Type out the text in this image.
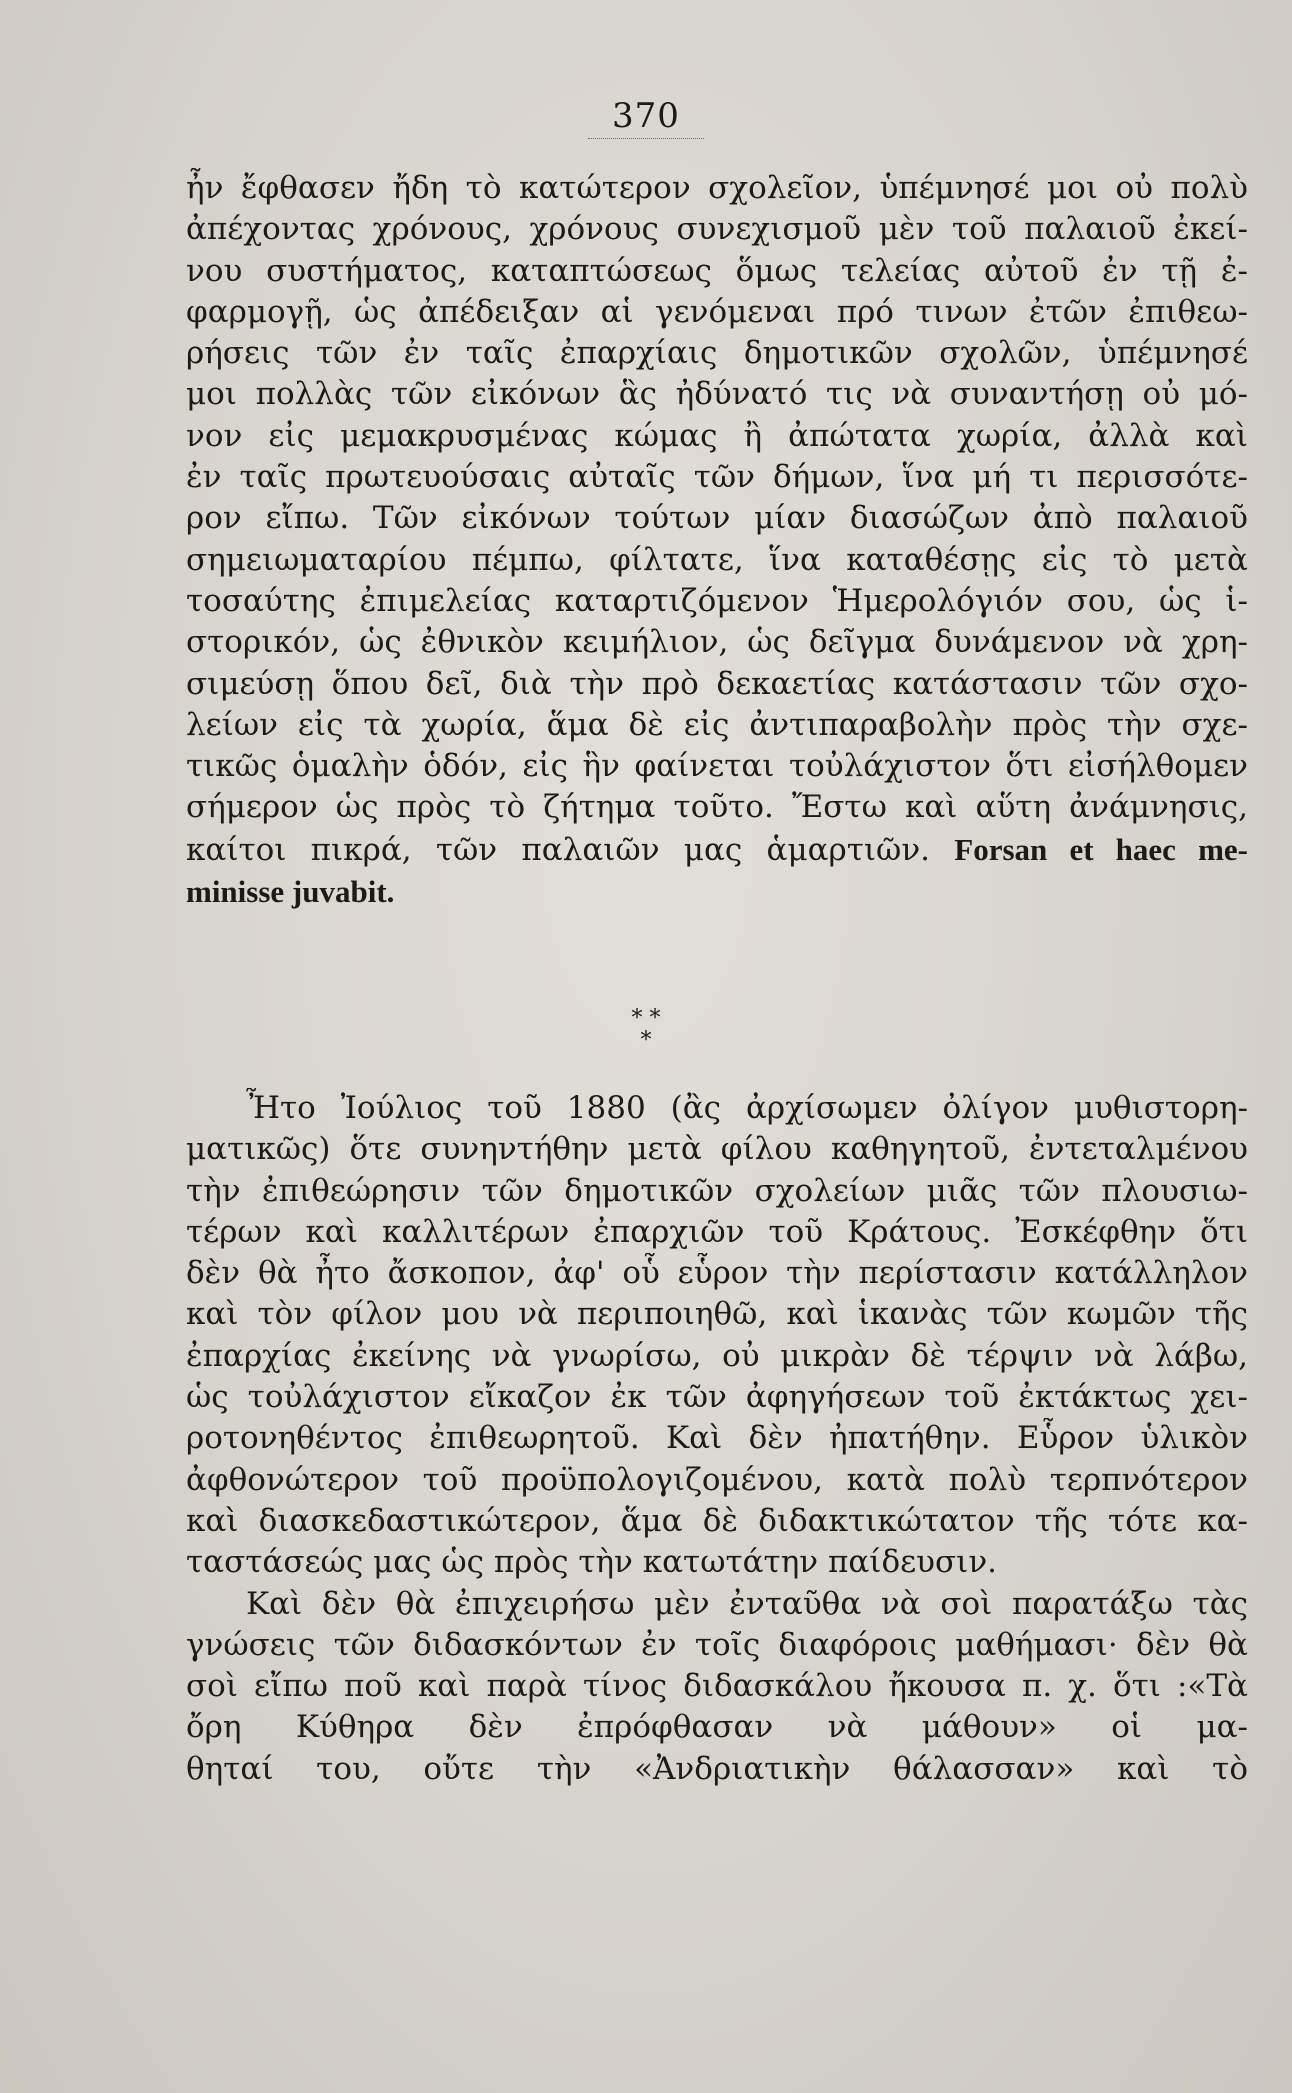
370
ἦν ἔφθασεν ἤδη τὸ κατώτερον σχολεῖον, ὑπέμνησέ μοι οὐ πολὺ
ἀπέχοντας χρόνους, χρόνους συνεχισμοῦ μὲν τοῦ παλαιοῦ ἐκεί-
νου συστήματος, καταπτώσεως ὅμως τελείας αὐτοῦ ἐν τῇ ἐ-
φαρμογῇ, ὡς ἀπέδειξαν αἱ γενόμεναι πρό τινων ἐτῶν ἐπιθεω-
ρήσεις τῶν ἐν ταῖς ἐπαρχίαις δημοτικῶν σχολῶν, ὑπέμνησέ
μοι πολλὰς τῶν εἰκόνων ἃς ἠδύνατό τις νὰ συναντήσῃ οὐ μό-
νον εἰς μεμακρυσμένας κώμας ἢ ἀπώτατα χωρία, ἀλλὰ καὶ
ἐν ταῖς πρωτευούσαις αὐταῖς τῶν δήμων, ἵνα μή τι περισσότε-
ρον εἴπω. Τῶν εἰκόνων τούτων μίαν διασώζων ἀπὸ παλαιοῦ
σημειωματαρίου πέμπω, φίλτατε, ἵνα καταθέσῃς εἰς τὸ μετὰ
τοσαύτης ἐπιμελείας καταρτιζόμενον Ἡμερολόγιόν σου, ὡς ἱ-
στορικόν, ὡς ἐθνικὸν κειμήλιον, ὡς δεῖγμα δυνάμενον νὰ χρη-
σιμεύσῃ ὅπου δεῖ, διὰ τὴν πρὸ δεκαετίας κατάστασιν τῶν σχο-
λείων εἰς τὰ χωρία, ἅμα δὲ εἰς ἀντιπαραβολὴν πρὸς τὴν σχε-
τικῶς ὁμαλὴν ὁδόν, εἰς ἣν φαίνεται τοὐλάχιστον ὅτι εἰσήλθομεν
σήμερον ὡς πρὸς τὸ ζήτημα τοῦτο. Ἔστω καὶ αὕτη ἀνάμνησις,
καίτοι πικρά, τῶν παλαιῶν μας ἁμαρτιῶν. Forsan et haec me-
minisse juvabit.
* *
*
Ἦτο Ἰούλιος τοῦ 1880 (ἂς ἀρχίσωμεν ὀλίγον μυθιστορη-
ματικῶς) ὅτε συνηντήθην μετὰ φίλου καθηγητοῦ, ἐντεταλμένου
τὴν ἐπιθεώρησιν τῶν δημοτικῶν σχολείων μιᾶς τῶν πλουσιω-
τέρων καὶ καλλιτέρων ἐπαρχιῶν τοῦ Κράτους. Ἐσκέφθην ὅτι
δὲν θὰ ἦτο ἄσκοπον, ἀφ' οὗ εὗρον τὴν περίστασιν κατάλληλον
καὶ τὸν φίλον μου νὰ περιποιηθῶ, καὶ ἱκανὰς τῶν κωμῶν τῆς
ἐπαρχίας ἐκείνης νὰ γνωρίσω, οὐ μικρὰν δὲ τέρψιν νὰ λάβω,
ὡς τοὐλάχιστον εἴκαζον ἐκ τῶν ἀφηγήσεων τοῦ ἐκτάκτως χει-
ροτονηθέντος ἐπιθεωρητοῦ. Καὶ δὲν ἠπατήθην. Εὗρον ὑλικὸν
ἀφθονώτερον τοῦ προϋπολογιζομένου, κατὰ πολὺ τερπνότερον
καὶ διασκεδαστικώτερον, ἅμα δὲ διδακτικώτατον τῆς τότε κα-
ταστάσεώς μας ὡς πρὸς τὴν κατωτάτην παίδευσιν.
Καὶ δὲν θὰ ἐπιχειρήσω μὲν ἐνταῦθα νὰ σοὶ παρατάξω τὰς
γνώσεις τῶν διδασκόντων ἐν τοῖς διαφόροις μαθήμασι· δὲν θὰ
σοὶ εἴπω ποῦ καὶ παρὰ τίνος διδασκάλου ἤκουσα π. χ. ὅτι :«Τὰ
ὄρη Κύθηρα δὲν ἐπρόφθασαν νὰ μάθουν» οἱ μα-
θηταί του, οὔτε τὴν «Ἀνδριατικὴν θάλασσαν» καὶ τὸ
